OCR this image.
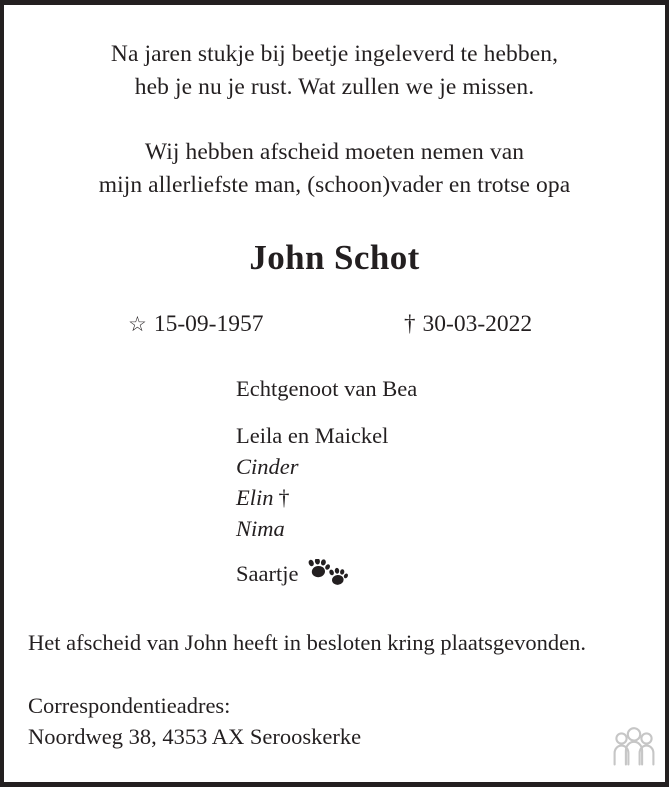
Na jaren stukje bij beetje ingeleverd te hebben,
heb je nu je rust. Wat zullen we je missen.
Wij hebben afscheid moeten nemen van
mijn allerliefste man, (schoon)vader en trotse opa
John Schot
☆ 15-09-1957	† 30-03-2022
Echtgenoot van Bea
Leila en Maickel
Cinder
Elin †
Nima
Saartje
Het afscheid van John heeft in besloten kring plaatsgevonden.
Correspondentieadres:
Noordweg 38, 4353 AX Serooskerke
